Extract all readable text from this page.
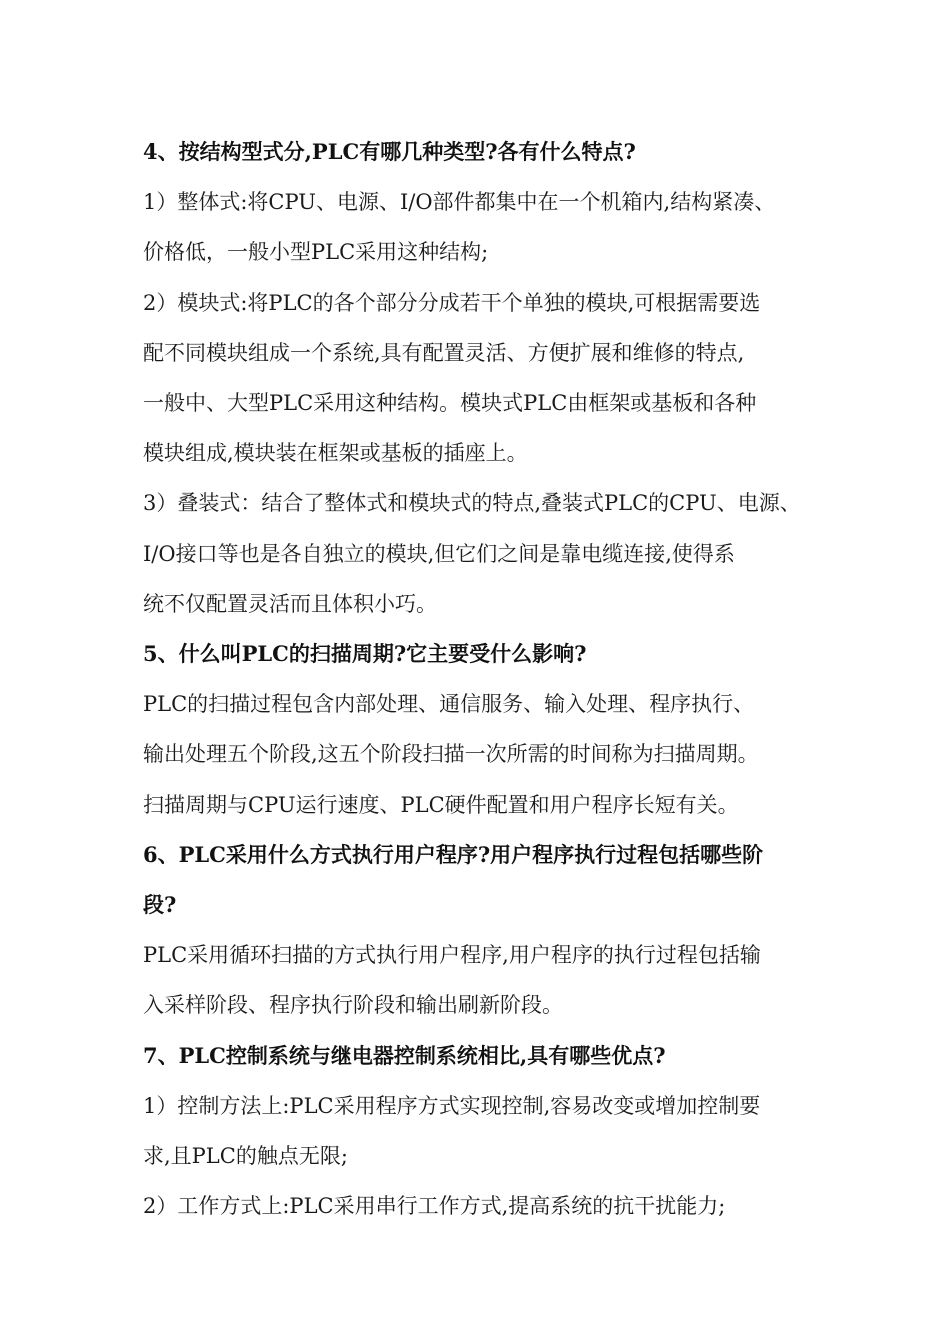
4、按结构型式分,PLC有哪几种类型?各有什么特点?
1）整体式:将CPU、电源、I/O部件都集中在一个机箱内,结构紧凑、
价格低，一般小型PLC采用这种结构;
2）模块式:将PLC的各个部分分成若干个单独的模块,可根据需要选
配不同模块组成一个系统,具有配置灵活、方便扩展和维修的特点,
一般中、大型PLC采用这种结构。模块式PLC由框架或基板和各种
模块组成,模块装在框架或基板的插座上。
3）叠装式：结合了整体式和模块式的特点,叠装式PLC的CPU、电源、
I/O接口等也是各自独立的模块,但它们之间是靠电缆连接,使得系
统不仅配置灵活而且体积小巧。
5、什么叫PLC的扫描周期?它主要受什么影响?
PLC的扫描过程包含内部处理、通信服务、输入处理、程序执行、
输出处理五个阶段,这五个阶段扫描一次所需的时间称为扫描周期。
扫描周期与CPU运行速度、PLC硬件配置和用户程序长短有关。
6、PLC采用什么方式执行用户程序?用户程序执行过程包括哪些阶
段?
PLC采用循环扫描的方式执行用户程序,用户程序的执行过程包括输
入采样阶段、程序执行阶段和输出刷新阶段。
7、PLC控制系统与继电器控制系统相比,具有哪些优点?
1）控制方法上:PLC采用程序方式实现控制,容易改变或增加控制要
求,且PLC的触点无限;
2）工作方式上:PLC采用串行工作方式,提高系统的抗干扰能力;
